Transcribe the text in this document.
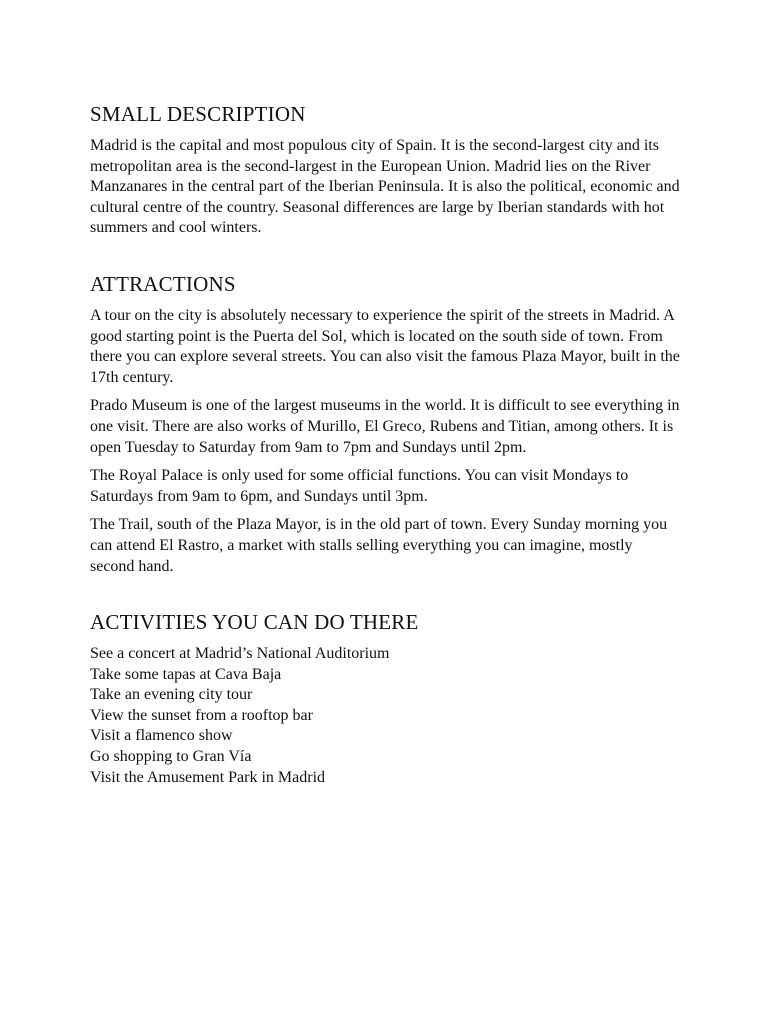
SMALL DESCRIPTION

Madrid is the capital and most populous city of Spain. It is the second-largest city and its metropolitan area is the second-largest in the European Union. Madrid lies on the River Manzanares in the central part of the Iberian Peninsula. It is also the political, economic and cultural centre of the country. Seasonal differences are large by Iberian standards with hot summers and cool winters.

ATTRACTIONS

A tour on the city is absolutely necessary to experience the spirit of the streets in Madrid. A good starting point is the Puerta del Sol, which is located on the south side of town. From there you can explore several streets. You can also visit the famous Plaza Mayor, built in the 17th century.

Prado Museum is one of the largest museums in the world. It is difficult to see everything in one visit. There are also works of Murillo, El Greco, Rubens and Titian, among others. It is open Tuesday to Saturday from 9am to 7pm and Sundays until 2pm.

The Royal Palace is only used for some official functions. You can visit Mondays to Saturdays from 9am to 6pm, and Sundays until 3pm.

The Trail, south of the Plaza Mayor, is in the old part of town. Every Sunday morning you can attend El Rastro, a market with stalls selling everything you can imagine, mostly second hand.

ACTIVITIES YOU CAN DO THERE
See a concert at Madrid’s National Auditorium
Take some tapas at Cava Baja
Take an evening city tour
View the sunset from a rooftop bar
Visit a flamenco show
Go shopping to Gran Vía
Visit the Amusement Park in Madrid
